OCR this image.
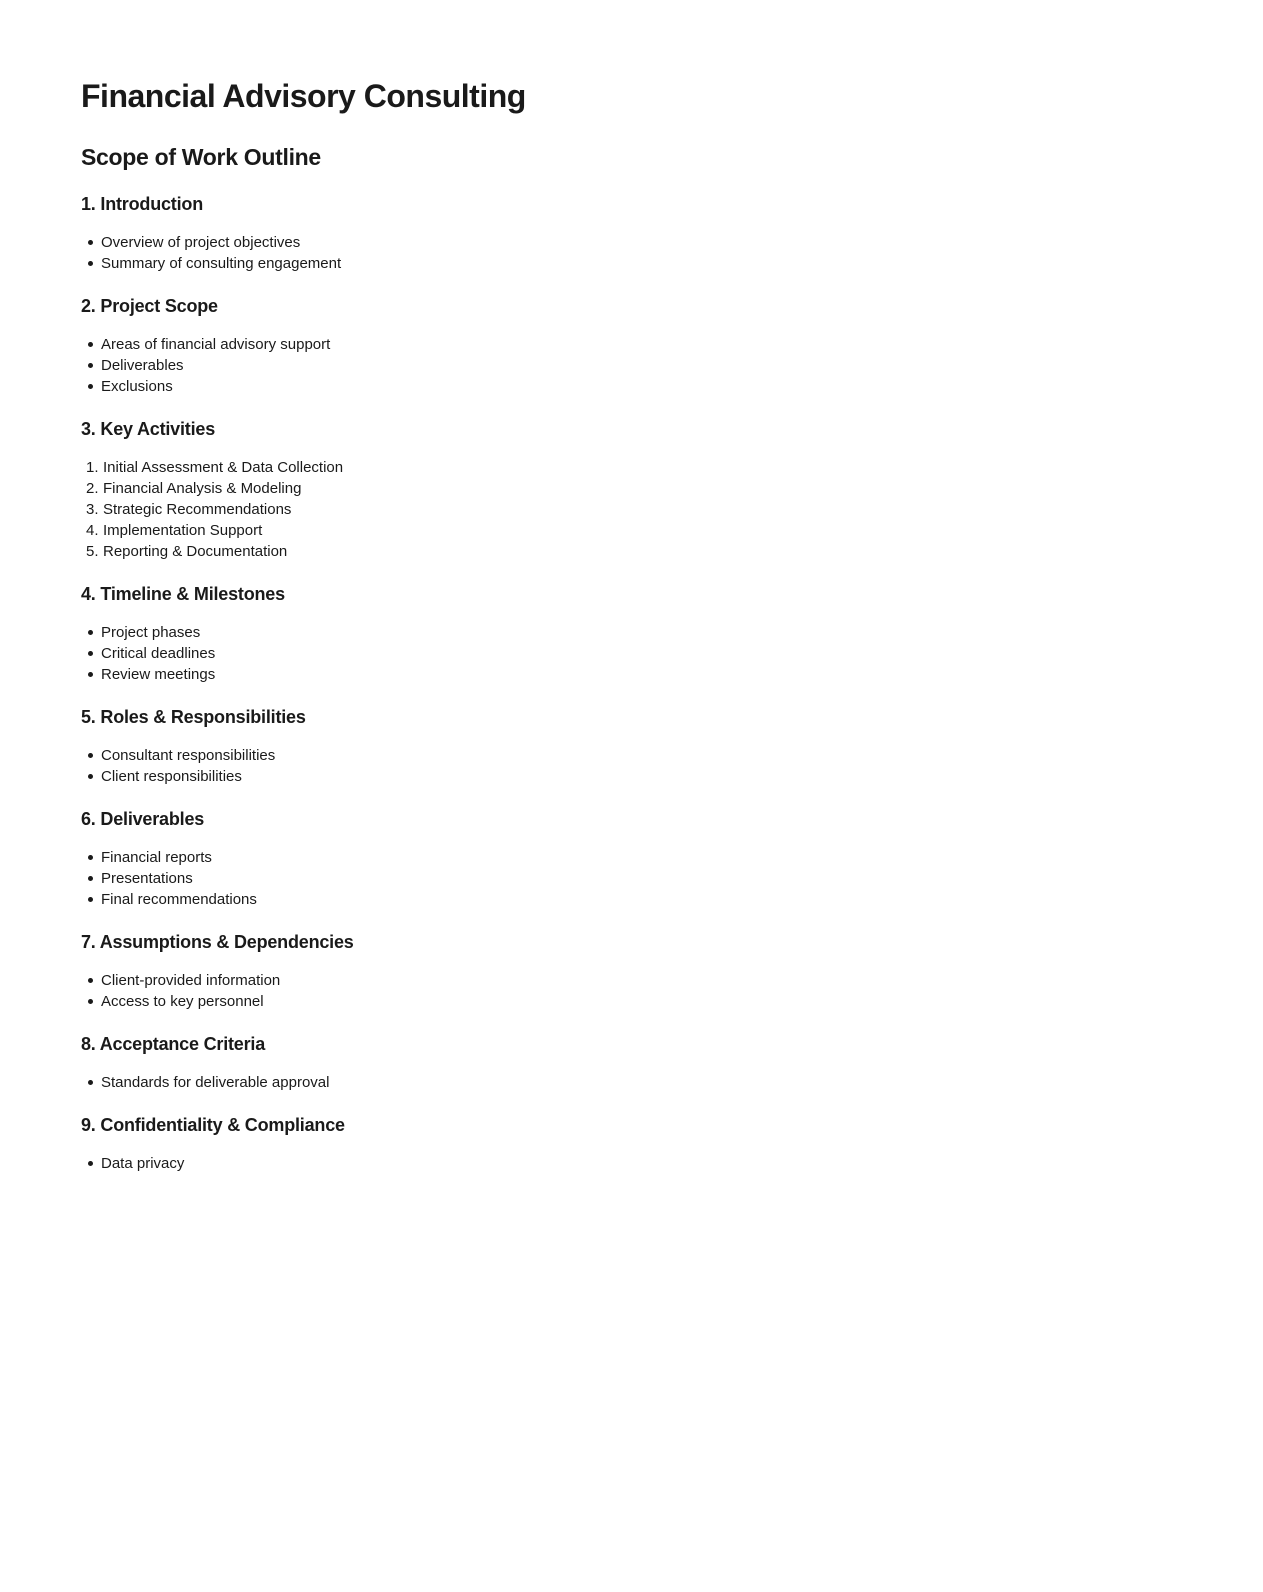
Financial Advisory Consulting
Scope of Work Outline
1. Introduction
Overview of project objectives
Summary of consulting engagement
2. Project Scope
Areas of financial advisory support
Deliverables
Exclusions
3. Key Activities
1. Initial Assessment & Data Collection
2. Financial Analysis & Modeling
3. Strategic Recommendations
4. Implementation Support
5. Reporting & Documentation
4. Timeline & Milestones
Project phases
Critical deadlines
Review meetings
5. Roles & Responsibilities
Consultant responsibilities
Client responsibilities
6. Deliverables
Financial reports
Presentations
Final recommendations
7. Assumptions & Dependencies
Client-provided information
Access to key personnel
8. Acceptance Criteria
Standards for deliverable approval
9. Confidentiality & Compliance
Data privacy
